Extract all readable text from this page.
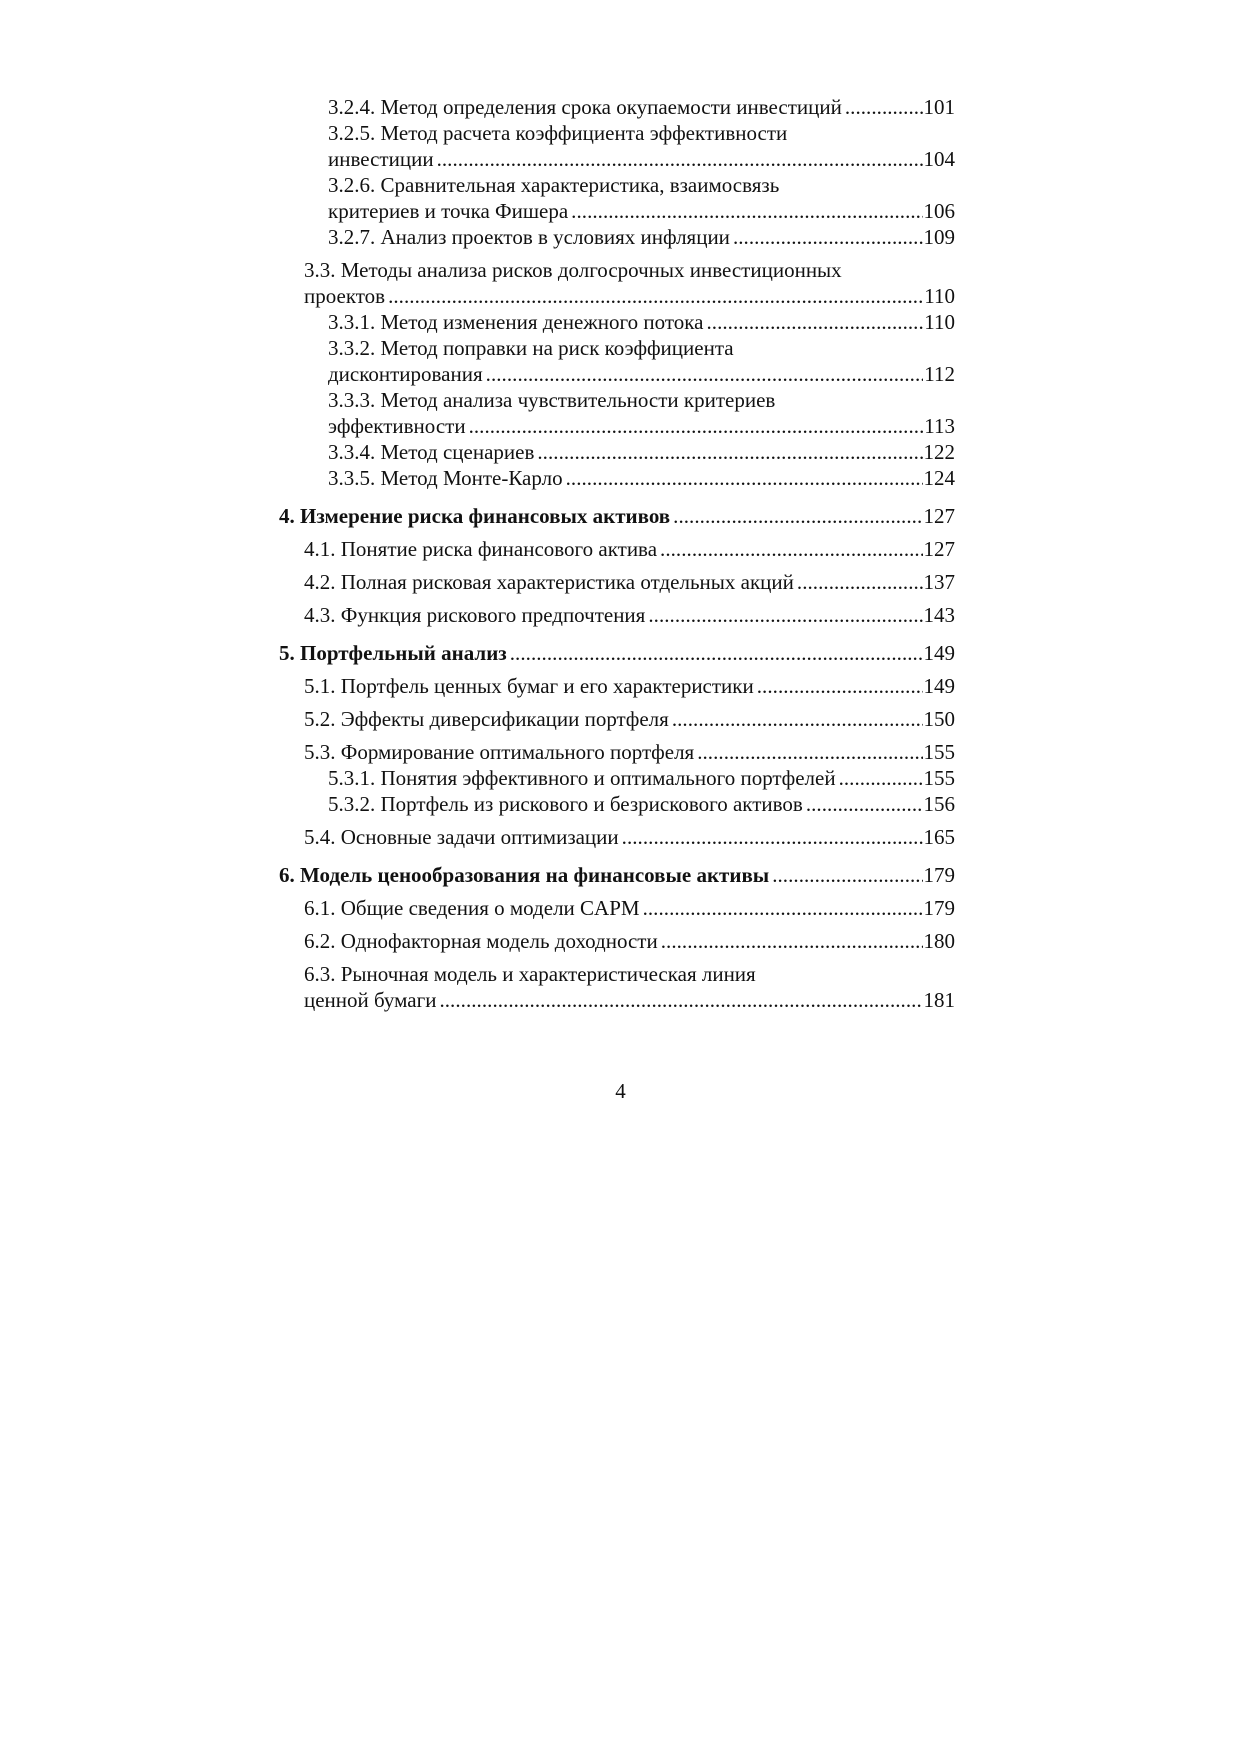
3.2.4. Метод определения срока окупаемости инвестиций . . .	101
3.2.5. Метод расчета коэффициента эффективности
инвестиции . . .	104
3.2.6. Сравнительная характеристика, взаимосвязь
критериев и точка Фишера . . .	106
3.2.7. Анализ проектов в условиях инфляции . . .	109
3.3. Методы анализа рисков долгосрочных инвестиционных
проектов . . .	110
3.3.1. Метод изменения денежного потока . . .	110
3.3.2. Метод поправки на риск коэффициента
дисконтирования . . .	112
3.3.3. Метод анализа чувствительности критериев
эффективности . . .	113
3.3.4. Метод сценариев . . .	122
3.3.5. Метод Монте-Карло . . .	124
4. Измерение риска финансовых активов . . .	127
4.1. Понятие риска финансового актива . . .	127
4.2. Полная рисковая характеристика отдельных акций . . .	137
4.3. Функция рискового предпочтения . . .	143
5. Портфельный анализ . . .	149
5.1. Портфель ценных бумаг и его характеристики . . .	149
5.2. Эффекты диверсификации портфеля . . .	150
5.3. Формирование оптимального портфеля . . .	155
5.3.1. Понятия эффективного и оптимального портфелей . . .	155
5.3.2. Портфель из рискового и безрискового активов . . .	156
5.4. Основные задачи оптимизации . . .	165
6. Модель ценообразования на финансовые активы . . .	179
6.1. Общие сведения о модели CAPM . . .	179
6.2. Однофакторная модель доходности . . .	180
6.3. Рыночная модель и характеристическая линия
ценной бумаги . . .	181
4
